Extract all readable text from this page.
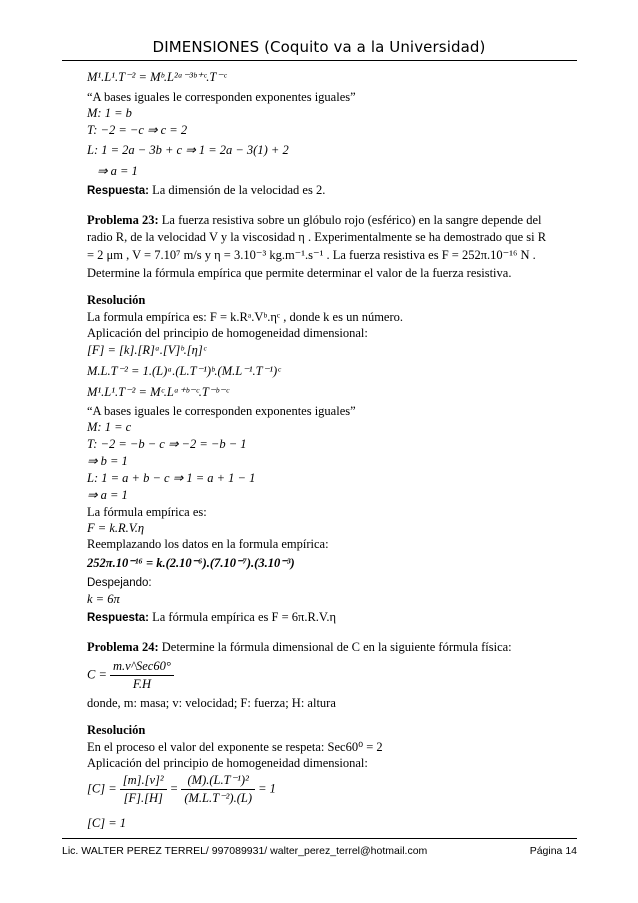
DIMENSIONES (Coquito va a la Universidad)
M¹.L¹.T⁻² = Mᵇ.L²ᵃ⁻³ᵇ⁺ᶜ.T⁻ᶜ
“A bases iguales le corresponden exponentes iguales”
M: 1 = b
T: −2 = −c ⇒ c = 2
L: 1 = 2a − 3b + c ⇒ 1 = 2a − 3(1) + 2
⇒ a = 1
Respuesta: La dimensión de la velocidad es 2.
Problema 23: La fuerza resistiva sobre un glóbulo rojo (esférico) en la sangre depende del
radio R, de la velocidad V y la viscosidad η . Experimentalmente se ha demostrado que si R
= 2 μm , V = 7.10⁷ m/s y η = 3.10⁻³ kg.m⁻¹.s⁻¹ . La fuerza resistiva es F = 252π.10⁻¹⁶ N .
Determine la fórmula empírica que permite determinar el valor de la fuerza resistiva.
Resolución
La formula empírica es: F = k.Rᵃ.Vᵇ.ηᶜ , donde k es un número.
Aplicación del principio de homogeneidad dimensional:
[F] = [k].[R]ᵃ.[V]ᵇ.[η]ᶜ
M.L.T⁻² = 1.(L)ᵃ.(L.T⁻¹)ᵇ.(M.L⁻¹.T⁻¹)ᶜ
M¹.L¹.T⁻² = Mᶜ.Lᵃ⁺ᵇ⁻ᶜ.T⁻ᵇ⁻ᶜ
“A bases iguales le corresponden exponentes iguales”
M: 1 = c
T: −2 = −b − c ⇒ −2 = −b − 1
⇒ b = 1
L: 1 = a + b − c ⇒ 1 = a + 1 − 1
⇒ a = 1
La fórmula empírica es:
F = k.R.V.η
Reemplazando los datos en la formula empírica:
252π.10⁻¹⁶ = k.(2.10⁻⁶).(7.10⁻⁷).(3.10⁻³)
Despejando:
k = 6π
Respuesta: La fórmula empírica es F = 6π.R.V.η
Problema 24: Determine la fórmula dimensional de C en la siguiente fórmula física:
$C = \frac{\text{m.v\textasciicircum{}Sec60°}}{F.H}$
donde, m: masa; v: velocidad; F: fuerza; H: altura
Resolución
En el proceso el valor del exponente se respeta: Sec60⁰ = 2
Aplicación del principio de homogeneidad dimensional:
$[C] = \frac{\text{[m].[v]²}}{[F].[H]} = \frac{\text{(M).(L.T⁻¹)²}}{\text{(M.L.T⁻²).(L)}} = 1$
[C] = 1
Lic. WALTER PEREZ TERREL/ 997089931/ walter_perez_terrel@hotmail.com	Página 14
